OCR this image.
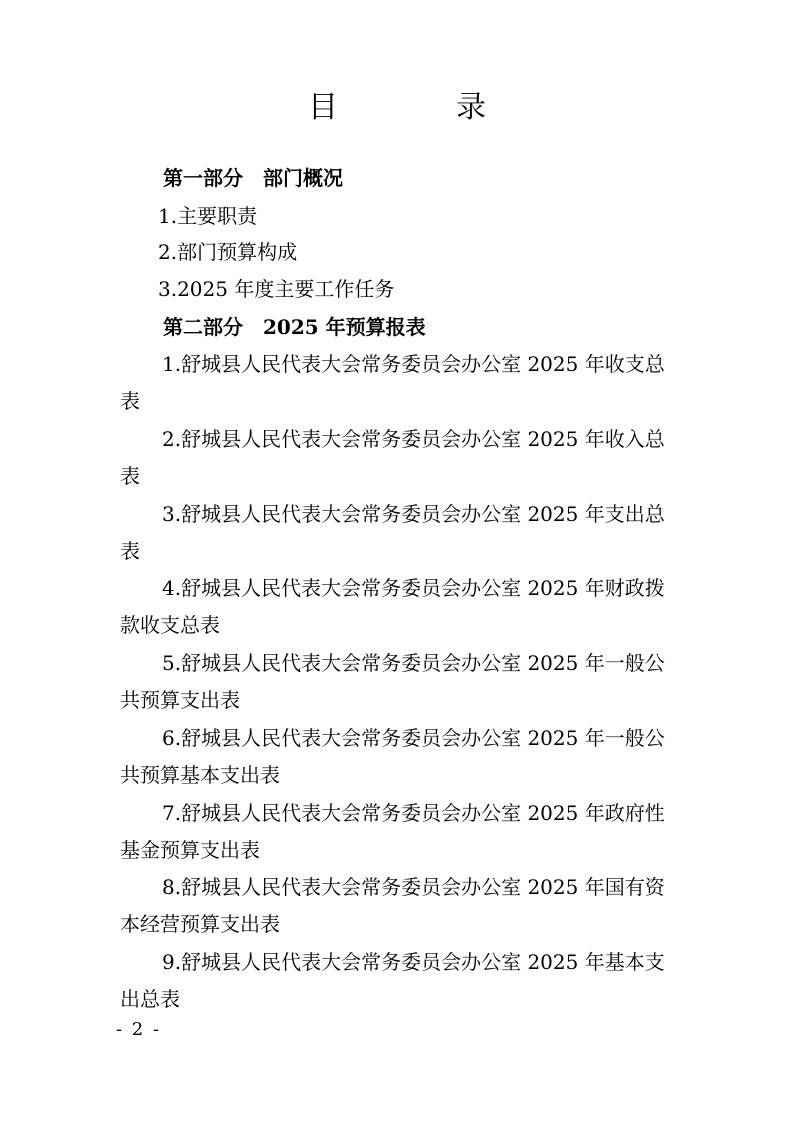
目　录

第一部分　部门概况

1.主要职责

2.部门预算构成

3.2025 年度主要工作任务

第二部分　2025 年预算报表

1.舒城县人民代表大会常务委员会办公室 2025 年收支总表

2.舒城县人民代表大会常务委员会办公室 2025 年收入总表

3.舒城县人民代表大会常务委员会办公室 2025 年支出总表

4.舒城县人民代表大会常务委员会办公室 2025 年财政拨款收支总表

5.舒城县人民代表大会常务委员会办公室 2025 年一般公共预算支出表

6.舒城县人民代表大会常务委员会办公室 2025 年一般公共预算基本支出表

7.舒城县人民代表大会常务委员会办公室 2025 年政府性基金预算支出表

8.舒城县人民代表大会常务委员会办公室 2025 年国有资本经营预算支出表

9.舒城县人民代表大会常务委员会办公室 2025 年基本支出总表

- 2 -
